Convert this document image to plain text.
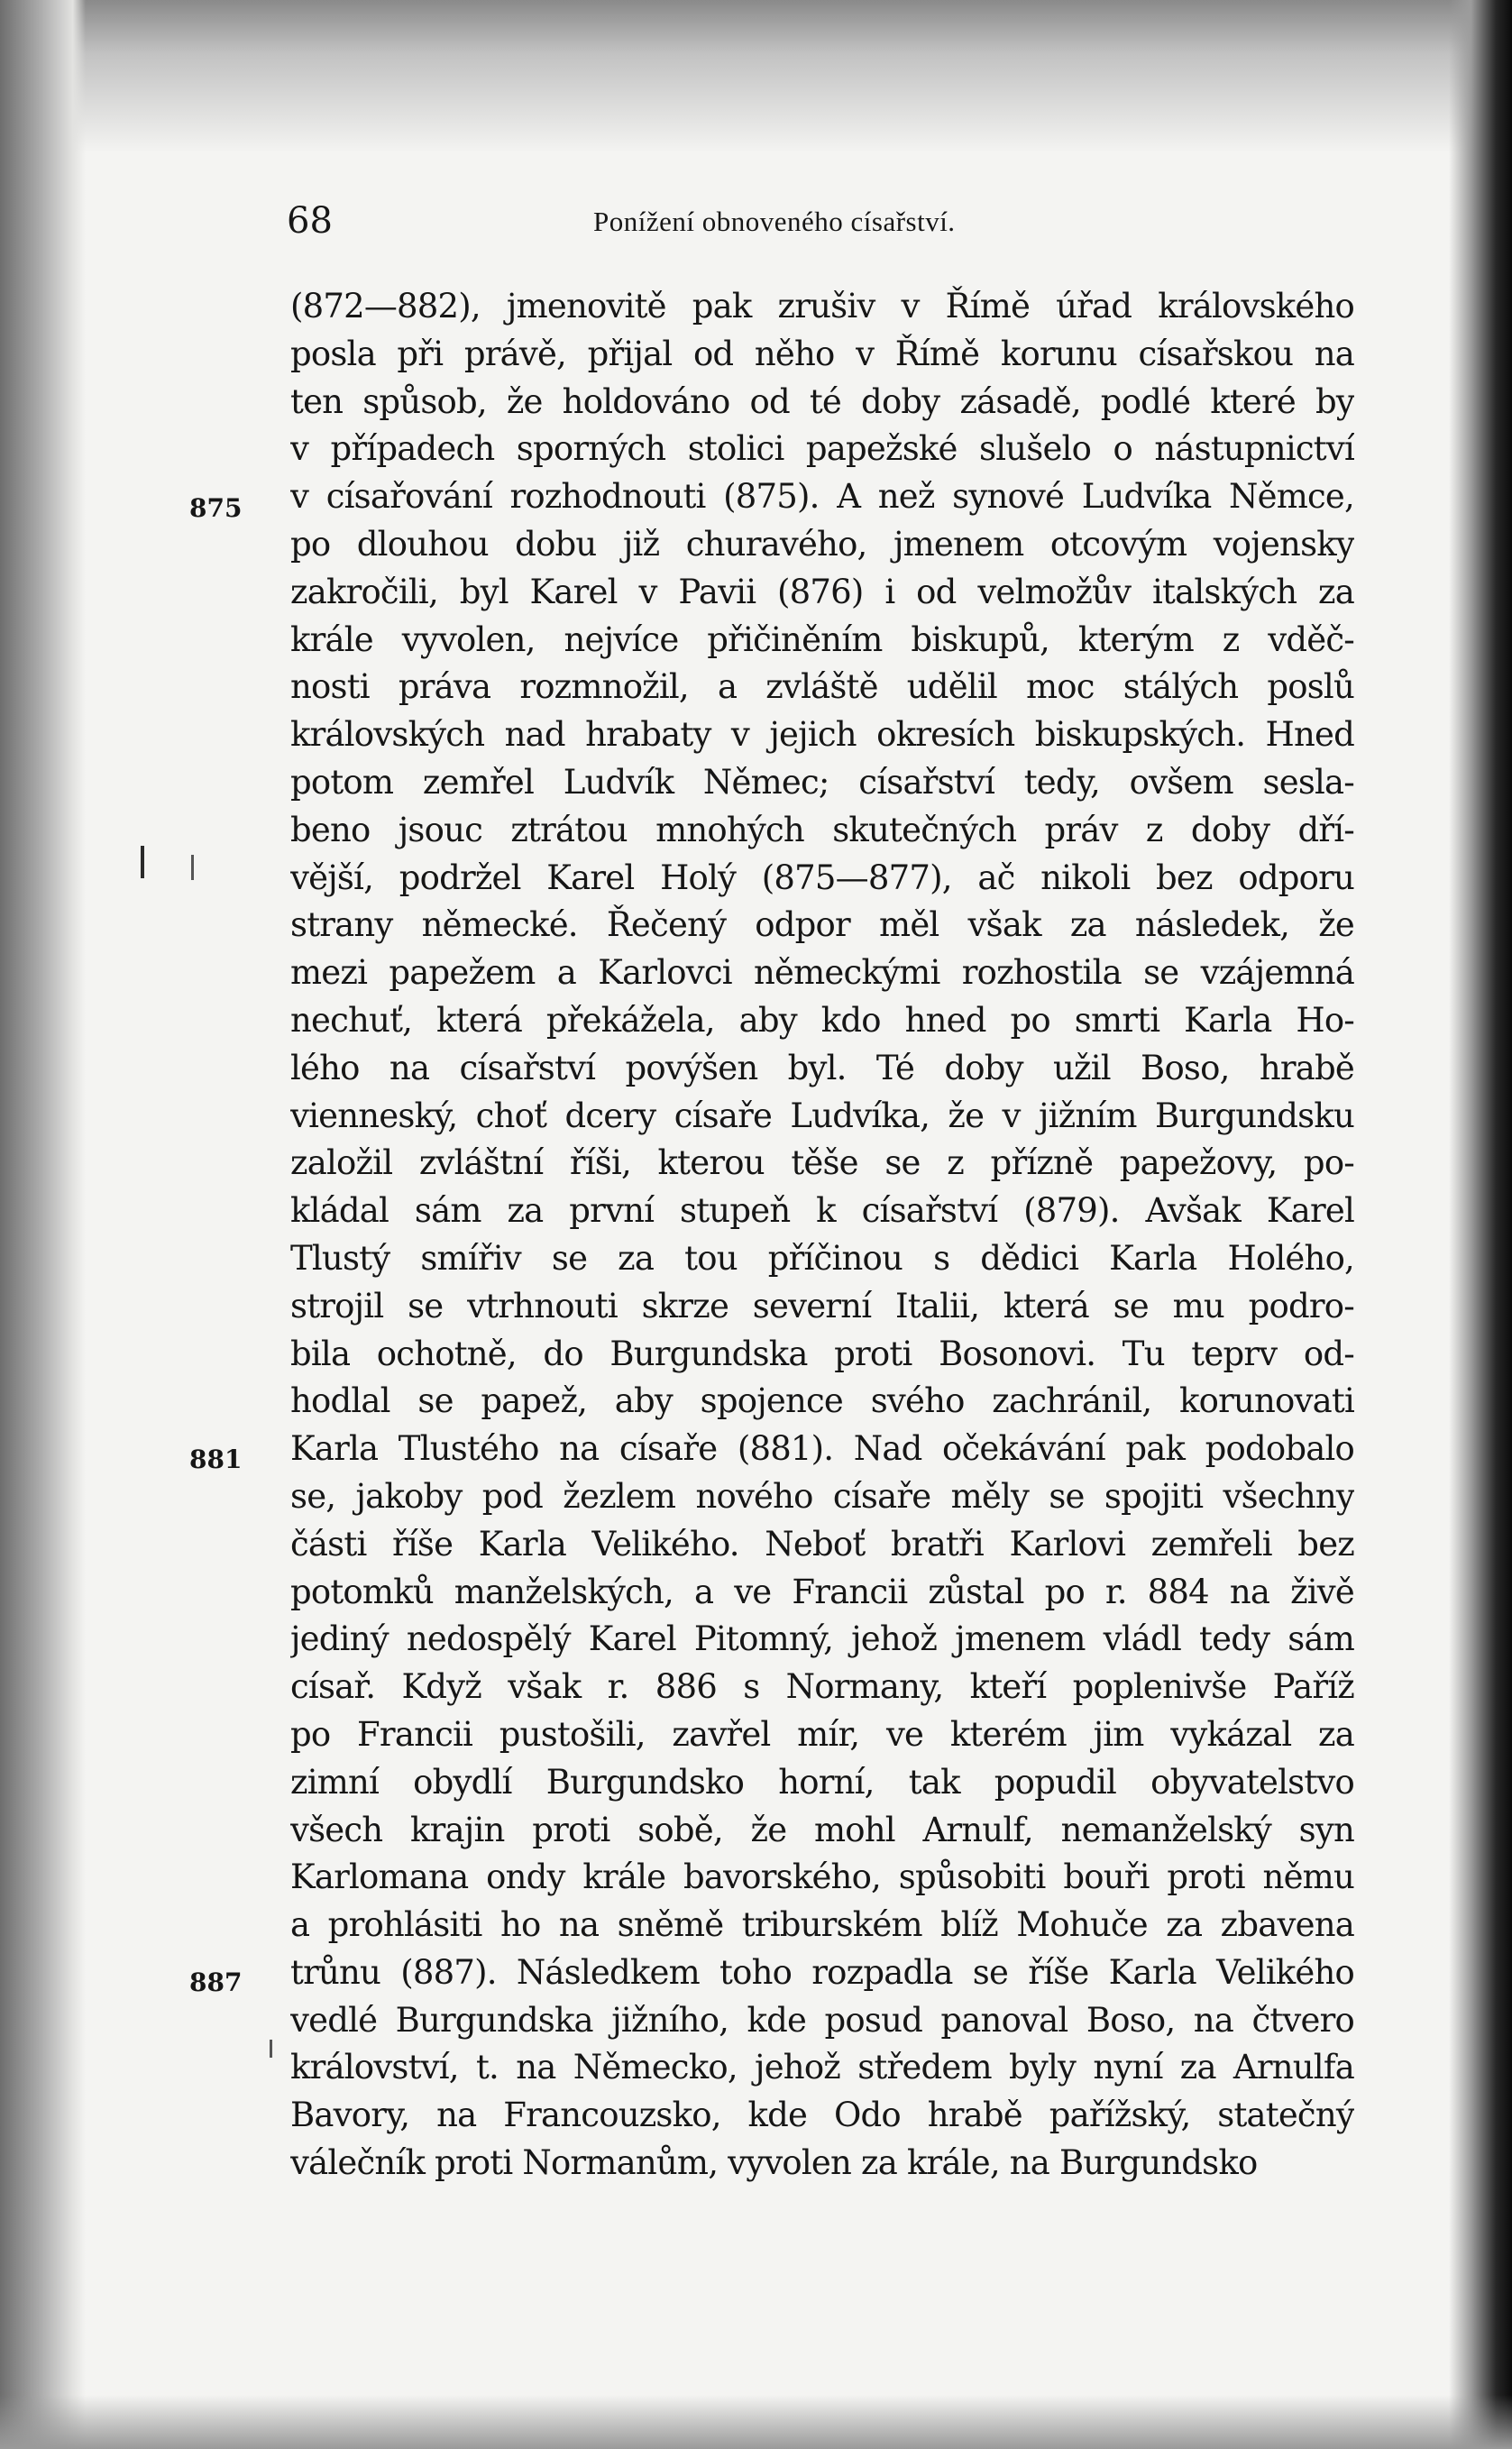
68	Ponížení obnoveného císařství.
875
881
887
(872—882), jmenovitě pak zrušiv v Římě úřad královského
posla při právě, přijal od něho v Římě korunu císařskou na
ten spůsob, že holdováno od té doby zásadě, podlé které by
v případech sporných stolici papežské slušelo o nástupnictví
v císařování rozhodnouti (875). A než synové Ludvíka Němce,
po dlouhou dobu již churavého, jmenem otcovým vojensky
zakročili, byl Karel v Pavii (876) i od velmožův italských za
krále vyvolen, nejvíce přičiněním biskupů, kterým z vděč-
nosti práva rozmnožil, a zvláště udělil moc stálých poslů
královských nad hrabaty v jejich okresích biskupských. Hned
potom zemřel Ludvík Němec; císařství tedy, ovšem sesla-
beno jsouc ztrátou mnohých skutečných práv z doby dří-
vější, podržel Karel Holý (875—877), ač nikoli bez odporu
strany německé. Řečený odpor měl však za následek, že
mezi papežem a Karlovci německými rozhostila se vzájemná
nechuť, která překážela, aby kdo hned po smrti Karla Ho-
lého na císařství povýšen byl. Té doby užil Boso, hrabě
vienneský, choť dcery císaře Ludvíka, že v jižním Burgundsku
založil zvláštní říši, kterou těše se z přízně papežovy, po-
kládal sám za první stupeň k císařství (879). Avšak Karel
Tlustý smířiv se za tou příčinou s dědici Karla Holého,
strojil se vtrhnouti skrze severní Italii, která se mu podro-
bila ochotně, do Burgundska proti Bosonovi. Tu teprv od-
hodlal se papež, aby spojence svého zachránil, korunovati
Karla Tlustého na císaře (881). Nad očekávání pak podobalo
se, jakoby pod žezlem nového císaře měly se spojiti všechny
části říše Karla Velikého. Neboť bratři Karlovi zemřeli bez
potomků manželských, a ve Francii zůstal po r. 884 na živě
jediný nedospělý Karel Pitomný, jehož jmenem vládl tedy sám
císař. Když však r. 886 s Normany, kteří poplenivše Paříž
po Francii pustošili, zavřel mír, ve kterém jim vykázal za
zimní obydlí Burgundsko horní, tak popudil obyvatelstvo
všech krajin proti sobě, že mohl Arnulf, nemanželský syn
Karlomana ondy krále bavorského, spůsobiti bouři proti němu
a prohlásiti ho na sněmě triburském blíž Mohuče za zbavena
trůnu (887). Následkem toho rozpadla se říše Karla Velikého
vedlé Burgundska jižního, kde posud panoval Boso, na čtvero
království, t. na Německo, jehož středem byly nyní za Arnulfa
Bavory, na Francouzsko, kde Odo hrabě pařížský, statečný
válečník proti Normanům, vyvolen za krále, na Burgundsko
